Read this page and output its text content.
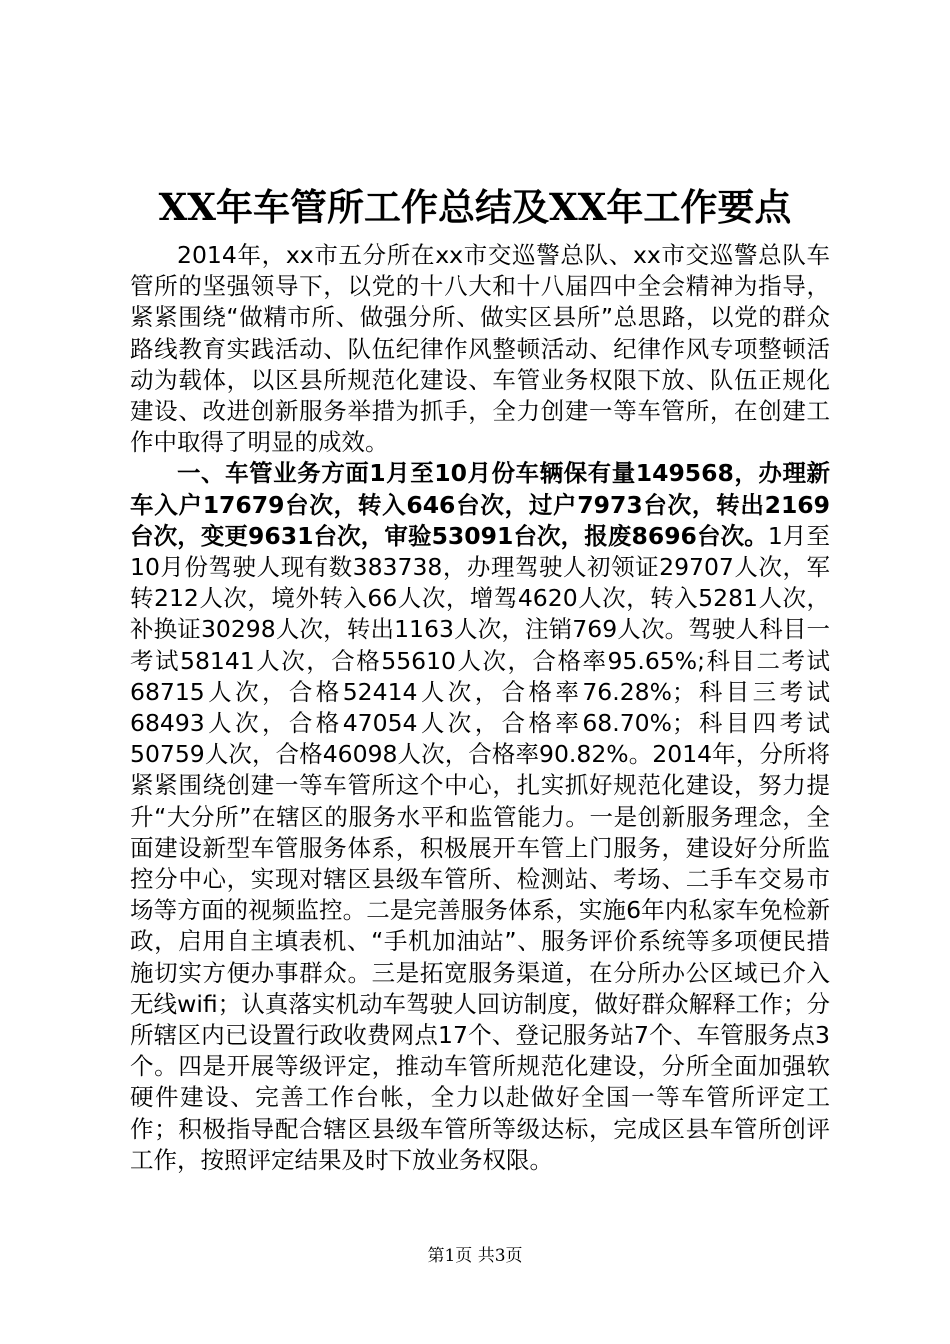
XX年车管所工作总结及XX年工作要点

2014年，xx市五分所在xx市交巡警总队、xx市交巡警总队车管所的坚强领导下，以党的十八大和十八届四中全会精神为指导，紧紧围绕“做精市所、做强分所、做实区县所”总思路，以党的群众路线教育实践活动、队伍纪律作风整顿活动、纪律作风专项整顿活动为载体，以区县所规范化建设、车管业务权限下放、队伍正规化建设、改进创新服务举措为抓手，全力创建一等车管所，在创建工作中取得了明显的成效。

一、车管业务方面1月至10月份车辆保有量149568，办理新车入户17679台次，转入646台次，过户7973台次，转出2169台次，变更9631台次，审验53091台次，报废8696台次。1月至10月份驾驶人现有数383738，办理驾驶人初领证29707人次，军转212人次，境外转入66人次，增驾4620人次，转入5281人次，补换证30298人次，转出1163人次，注销769人次。驾驶人科目一考试58141人次，合格55610人次，合格率95.65%;科目二考试68715人次，合格52414人次，合格率76.28%；科目三考试68493人次，合格47054人次，合格率68.70%；科目四考试50759人次，合格46098人次，合格率90.82%。2014年，分所将紧紧围绕创建一等车管所这个中心，扎实抓好规范化建设，努力提升“大分所”在辖区的服务水平和监管能力。一是创新服务理念，全面建设新型车管服务体系，积极展开车管上门服务，建设好分所监控分中心，实现对辖区县级车管所、检测站、考场、二手车交易市场等方面的视频监控。二是完善服务体系，实施6年内私家车免检新政，启用自主填表机、“手机加油站”、服务评价系统等多项便民措施切实方便办事群众。三是拓宽服务渠道，在分所办公区域已介入无线wifi；认真落实机动车驾驶人回访制度，做好群众解释工作；分所辖区内已设置行政收费网点17个、登记服务站7个、车管服务点3个。四是开展等级评定，推动车管所规范化建设，分所全面加强软硬件建设、完善工作台帐，全力以赴做好全国一等车管所评定工作；积极指导配合辖区县级车管所等级达标，完成区县车管所创评工作，按照评定结果及时下放业务权限。

第1页 共3页
